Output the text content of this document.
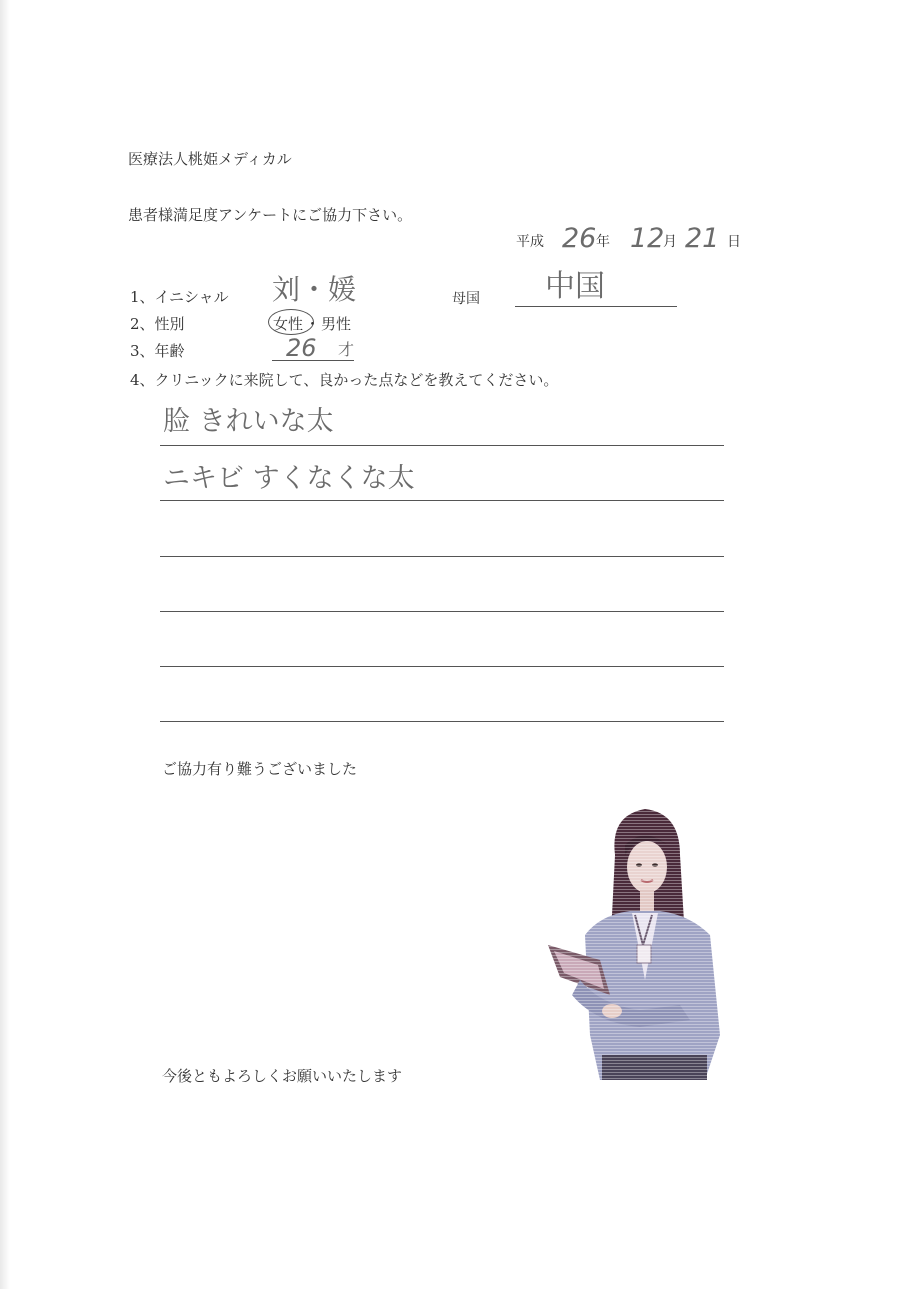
医療法人桃姫メディカル
患者様満足度アンケートにご協力下さい。
平成 26 年 12
月 21 日
1、イニシャル 刘・媛	母国 中国
2、性別	女性 ・ 男性
3、年齢	26 才
4、クリニックに来院して、良かった点などを教えてください。
脸 きれいな太
ニキビ すくなくな太
ご協力有り難うございました
今後ともよろしくお願いいたします
